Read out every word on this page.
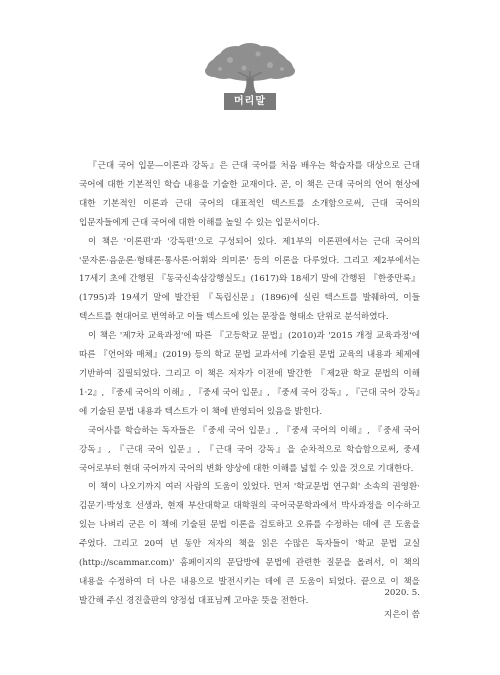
머리말

『근대 국어 입문—이론과 강독』은 근대 국어를 처음 배우는 학습자를 대상으로 근대 국어에 대한 기본적인 학습 내용을 기술한 교재이다. 곧, 이 책은 근대 국어의 언어 현상에 대한 기본적인 이론과 근대 국어의 대표적인 텍스트를 소개함으로써, 근대 국어의 입문자들에게 근대 국어에 대한 이해를 높일 수 있는 입문서이다.

이 책은 '이론편'과 '강독편'으로 구성되어 있다. 제1부의 이론편에서는 근대 국어의 '문자론·음운론·형태론·통사론·어휘와 의미론' 등의 이론을 다루었다. 그리고 제2부에서는 17세기 초에 간행된 『동국신속삼강행실도』(1617)와 18세기 말에 간행된 『한중만록』(1795)과 19세기 말에 발간된 『독립신문』(1896)에 실린 텍스트를 발췌하여, 이들 텍스트를 현대어로 번역하고 이들 텍스트에 있는 문장을 형태소 단위로 분석하였다.

이 책은 '제7차 교육과정'에 따른 『고등학교 문법』(2010)과 '2015 개정 교육과정'에 따른 『언어와 매체』(2019) 등의 학교 문법 교과서에 기술된 문법 교육의 내용과 체제에 기반하여 집필되었다. 그리고 이 책은 저자가 이전에 발간한 『제2판 학교 문법의 이해 1·2』, 『중세 국어의 이해』, 『중세 국어 입문』, 『중세 국어 강독』, 『근대 국어 강독』에 기술된 문법 내용과 텍스트가 이 책에 반영되어 있음을 밝힌다.

국어사를 학습하는 독자들은 『중세 국어 입문』, 『중세 국어의 이해』, 『중세 국어 강독』, 『근대 국어 입문』, 『근대 국어 강독』을 순차적으로 학습함으로써, 중세 국어로부터 현대 국어까지 국어의 변화 양상에 대한 이해를 넓힐 수 있을 것으로 기대한다.

이 책이 나오기까지 여러 사람의 도움이 있었다. 먼저 '학교문법 연구회' 소속의 권영환·김문기·박성호 선생과, 현재 부산대학교 대학원의 국어국문학과에서 박사과정을 이수하고 있는 나벼리 군은 이 책에 기술된 문법 이론을 검토하고 오류를 수정하는 데에 큰 도움을 주었다. 그리고 20여 년 동안 저자의 책을 읽은 수많은 독자들이 '학교 문법 교실(http://scammar.com)' 홈페이지의 문답방에 문법에 관련한 질문을 올려서, 이 책의 내용을 수정하여 더 나은 내용으로 발전시키는 데에 큰 도움이 되었다. 끝으로 이 책을 발간해 주신 경진출판의 양정섭 대표님께 고마운 뜻을 전한다.

2020. 5.
지은이 씀
